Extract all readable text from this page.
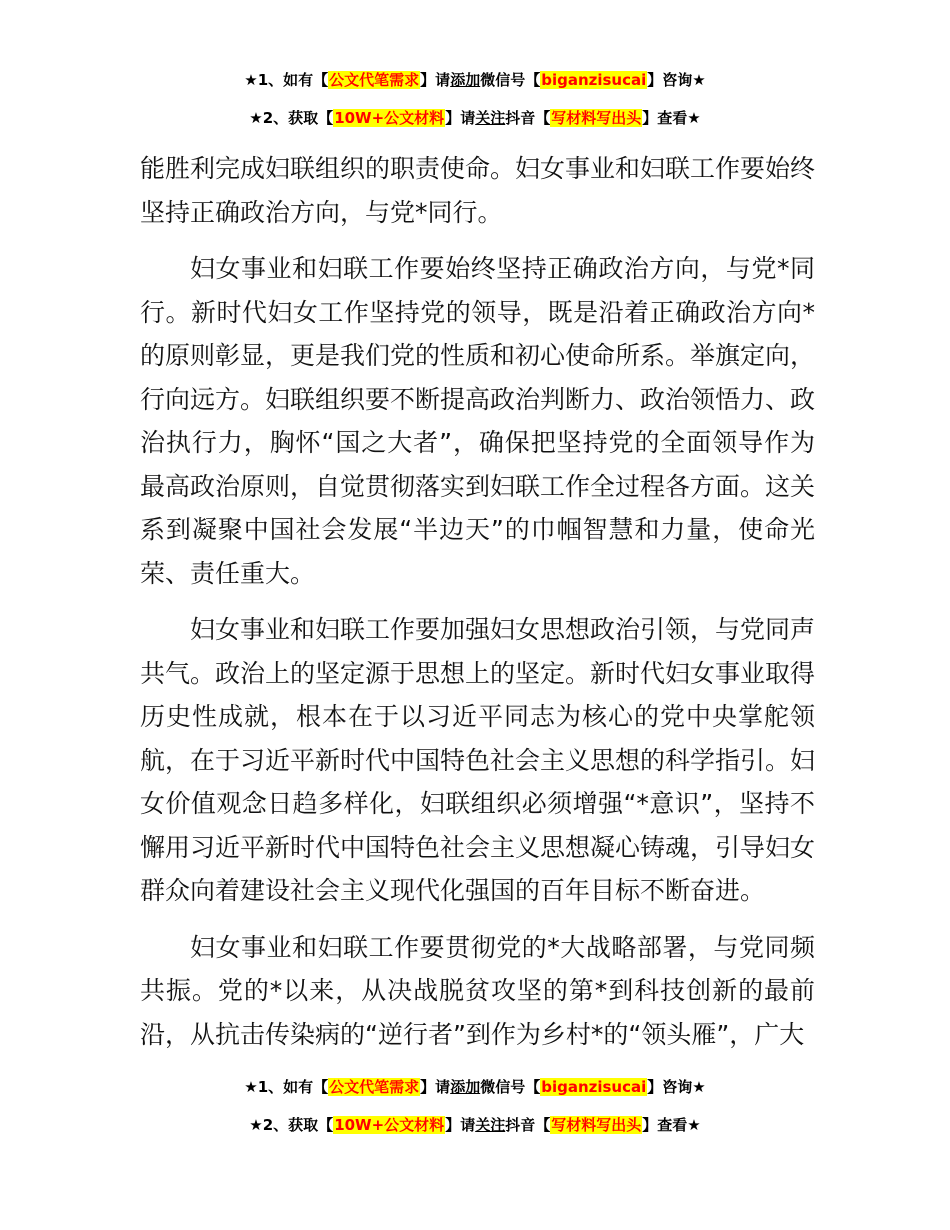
★1、如有【公文代笔需求】请添加微信号【biganzisucai】咨询★
★2、获取【10W+公文材料】请关注抖音【写材料写出头】查看★

能胜利完成妇联组织的职责使命。妇女事业和妇联工作要始终坚持正确政治方向，与党*同行。

妇女事业和妇联工作要始终坚持正确政治方向，与党*同行。新时代妇女工作坚持党的领导，既是沿着正确政治方向*的原则彰显，更是我们党的性质和初心使命所系。举旗定向，行向远方。妇联组织要不断提高政治判断力、政治领悟力、政治执行力，胸怀“国之大者”，确保把坚持党的全面领导作为最高政治原则，自觉贯彻落实到妇联工作全过程各方面。这关系到凝聚中国社会发展“半边天”的巾帼智慧和力量，使命光荣、责任重大。

妇女事业和妇联工作要加强妇女思想政治引领，与党同声共气。政治上的坚定源于思想上的坚定。新时代妇女事业取得历史性成就，根本在于以习近平同志为核心的党中央掌舵领航，在于习近平新时代中国特色社会主义思想的科学指引。妇女价值观念日趋多样化，妇联组织必须增强“*意识”，坚持不懈用习近平新时代中国特色社会主义思想凝心铸魂，引导妇女群众向着建设社会主义现代化强国的百年目标不断奋进。

妇女事业和妇联工作要贯彻党的*大战略部署，与党同频共振。党的*以来，从决战脱贫攻坚的第*到科技创新的最前沿，从抗击传染病的“逆行者”到作为乡村*的“领头雁”，广大

★1、如有【公文代笔需求】请添加微信号【biganzisucai】咨询★
★2、获取【10W+公文材料】请关注抖音【写材料写出头】查看★
